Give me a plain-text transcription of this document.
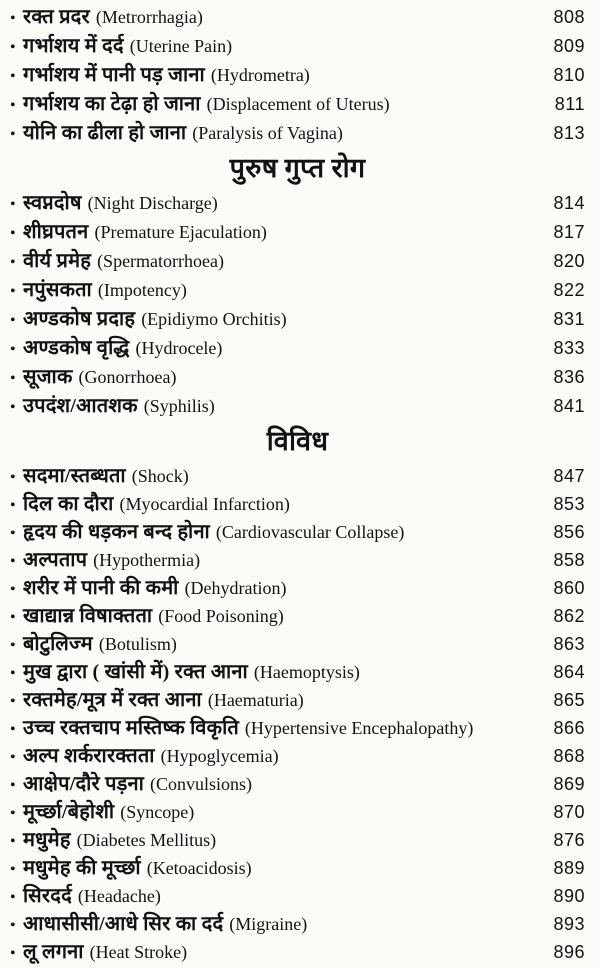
• रक्त प्रदर (Metrorrhagia)	808
• गर्भाशय में दर्द (Uterine Pain)	809
• गर्भाशय में पानी पड़ जाना (Hydrometra)	810
• गर्भाशय का टेढ़ा हो जाना (Displacement of Uterus)	811
• योनि का ढीला हो जाना (Paralysis of Vagina)	813
पुरुष गुप्त रोग
• स्वप्नदोष (Night Discharge)	814
• शीघ्रपतन (Premature Ejaculation)	817
• वीर्य प्रमेह (Spermatorrhoea)	820
• नपुंसकता (Impotency)	822
• अण्डकोष प्रदाह (Epidiymo Orchitis)	831
• अण्डकोष वृद्धि (Hydrocele)	833
• सूजाक (Gonorrhoea)	836
• उपदंश/आतशक (Syphilis)	841
विविध
• सदमा/स्तब्धता (Shock)	847
• दिल का दौरा (Myocardial Infarction)	853
• हृदय की धड़कन बन्द होना (Cardiovascular Collapse)	856
• अल्पताप (Hypothermia)	858
• शरीर में पानी की कमी (Dehydration)	860
• खाद्यान्न विषाक्तता (Food Poisoning)	862
• बोटुलिज्म (Botulism)	863
• मुख द्वारा ( खांसी में) रक्त आना (Haemoptysis)	864
• रक्तमेह/मूत्र में रक्त आना (Haematuria)	865
• उच्च रक्तचाप मस्तिष्क विकृति (Hypertensive Encephalopathy)	866
• अल्प शर्करारक्तता (Hypoglycemia)	868
• आक्षेप/दौरे पड़ना (Convulsions)	869
• मूर्च्छा/बेहोशी (Syncope)	870
• मधुमेह (Diabetes Mellitus)	876
• मधुमेह की मूर्च्छा (Ketoacidosis)	889
• सिरदर्द (Headache)	890
• आधासीसी/आधे सिर का दर्द (Migraine)	893
• लू लगना (Heat Stroke)	896
